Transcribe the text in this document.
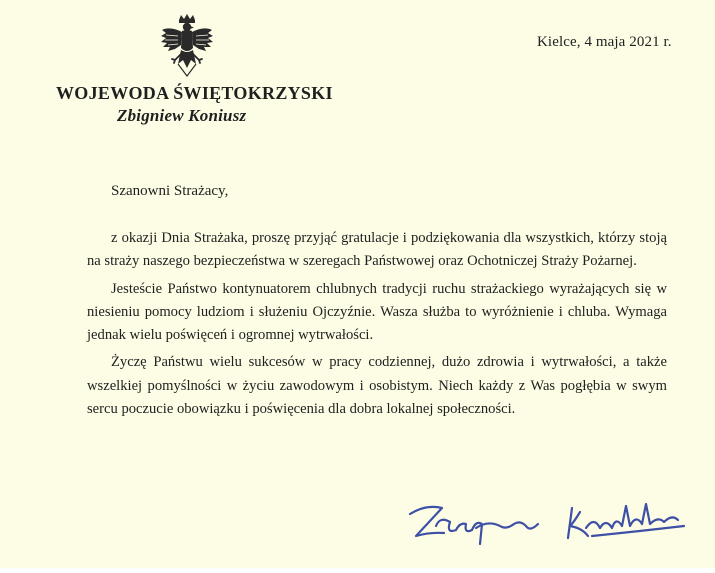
Kielce, 4 maja 2021 r.
WOJEWODA ŚWIĘTOKRZYSKI
Zbigniew Koniusz
Szanowni Strażacy,

z okazji Dnia Strażaka, proszę przyjąć gratulacje i podziękowania dla wszystkich, którzy stoją na straży naszego bezpieczeństwa w szeregach Państwowej oraz Ochotniczej Straży Pożarnej.

Jesteście Państwo kontynuatorem chlubnych tradycji ruchu strażackiego wyrażających się w niesieniu pomocy ludziom i służeniu Ojczyźnie. Wasza służba to wyróżnienie i chluba. Wymaga jednak wielu poświęceń i ogromnej wytrwałości.

Życzę Państwu wielu sukcesów w pracy codziennej, dużo zdrowia i wytrwałości, a także wszelkiej pomyślności w życiu zawodowym i osobistym. Niech każdy z Was pogłębia w swym sercu poczucie obowiązku i poświęcenia dla dobra lokalnej społeczności.
